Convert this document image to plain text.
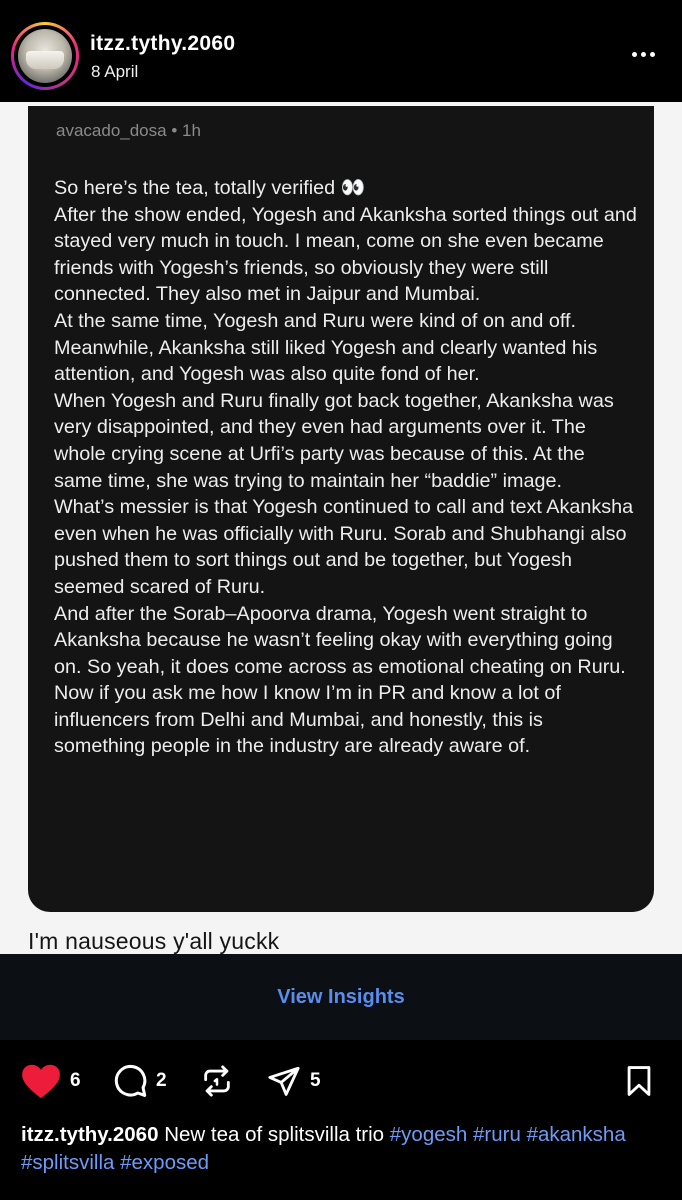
itzz.tythy.2060
8 April
avacado_dosa • 1h
So here’s the tea, totally verified 👀
After the show ended, Yogesh and Akanksha sorted things out and stayed very much in touch. I mean, come on she even became friends with Yogesh’s friends, so obviously they were still connected. They also met in Jaipur and Mumbai.
At the same time, Yogesh and Ruru were kind of on and off. Meanwhile, Akanksha still liked Yogesh and clearly wanted his attention, and Yogesh was also quite fond of her.
When Yogesh and Ruru finally got back together, Akanksha was very disappointed, and they even had arguments over it. The whole crying scene at Urfi’s party was because of this. At the same time, she was trying to maintain her “baddie” image.
What’s messier is that Yogesh continued to call and text Akanksha even when he was officially with Ruru. Sorab and Shubhangi also pushed them to sort things out and be together, but Yogesh seemed scared of Ruru.
And after the Sorab–Apoorva drama, Yogesh went straight to Akanksha because he wasn’t feeling okay with everything going on. So yeah, it does come across as emotional cheating on Ruru.
Now if you ask me how I know I’m in PR and know a lot of influencers from Delhi and Mumbai, and honestly, this is something people in the industry are already aware of.
I'm nauseous y'all yuckk
View Insights
6	2	5
itzz.tythy.2060 New tea of splitsvilla trio #yogesh #ruru #akanksha #splitsvilla #exposed
